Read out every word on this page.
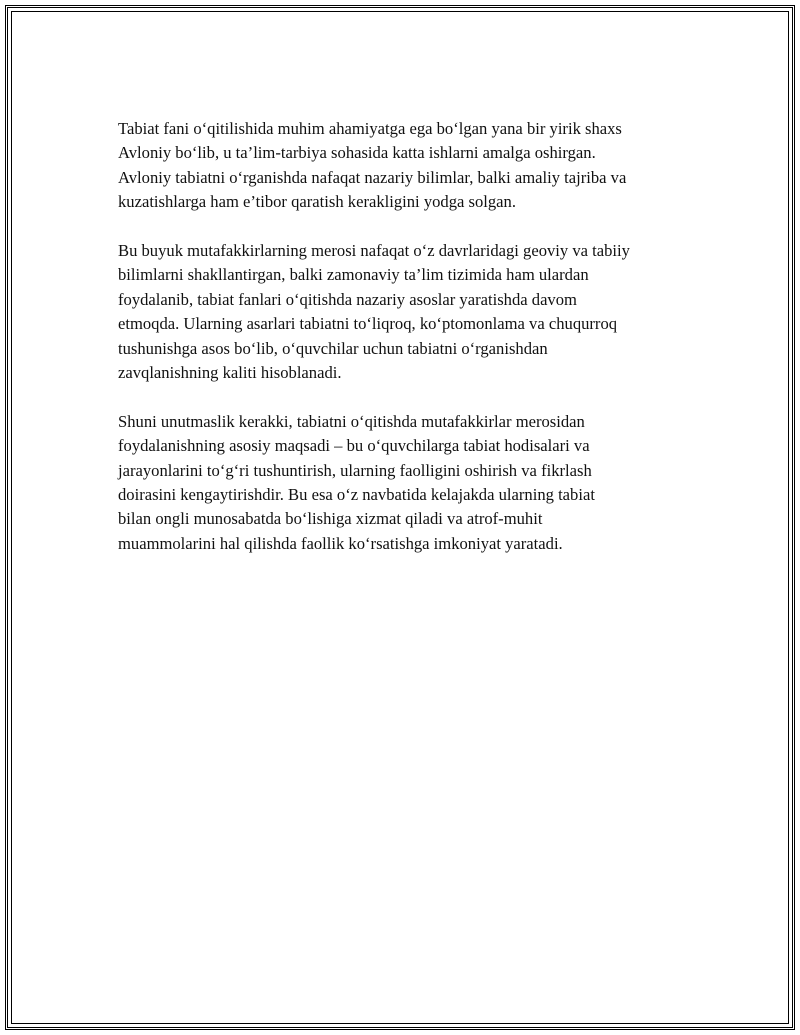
Tabiat fani o‘qitilishida muhim ahamiyatga ega bo‘lgan yana bir yirik shaxs
Avloniy bo‘lib, u ta’lim-tarbiya sohasida katta ishlarni amalga oshirgan.
Avloniy tabiatni o‘rganishda nafaqat nazariy bilimlar, balki amaliy tajriba va
kuzatishlarga ham e’tibor qaratish kerakligini yodga solgan.

Bu buyuk mutafakkirlarning merosi nafaqat o‘z davrlaridagi geoviy va tabiiy
bilimlarni shakllantirgan, balki zamonaviy ta’lim tizimida ham ulardan
foydalanib, tabiat fanlari o‘qitishda nazariy asoslar yaratishda davom
etmoqda. Ularning asarlari tabiatni to‘liqroq, ko‘ptomonlama va chuqurroq
tushunishga asos bo‘lib, o‘quvchilar uchun tabiatni o‘rganishdan
zavqlanishning kaliti hisoblanadi.

Shuni unutmaslik kerakki, tabiatni o‘qitishda mutafakkirlar merosidan
foydalanishning asosiy maqsadi – bu o‘quvchilarga tabiat hodisalari va
jarayonlarini to‘g‘ri tushuntirish, ularning faolligini oshirish va fikrlash
doirasini kengaytirishdir. Bu esa o‘z navbatida kelajakda ularning tabiat
bilan ongli munosabatda bo‘lishiga xizmat qiladi va atrof-muhit
muammolarini hal qilishda faollik ko‘rsatishga imkoniyat yaratadi.
